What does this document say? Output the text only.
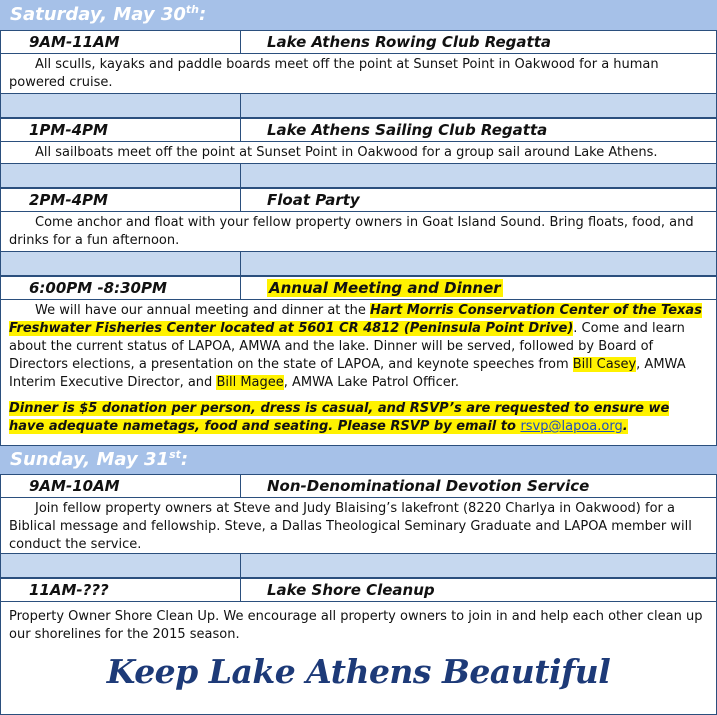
Saturday, May 30th:
9AM-11AM	Lake Athens Rowing Club Regatta
All sculls, kayaks and paddle boards meet off the point at Sunset Point in Oakwood for a human powered cruise.
1PM-4PM	Lake Athens Sailing Club Regatta
All sailboats meet off the point at Sunset Point in Oakwood for a group sail around Lake Athens.
2PM-4PM	Float Party
Come anchor and float with your fellow property owners in Goat Island Sound. Bring floats, food, and drinks for a fun afternoon.
6:00PM -8:30PM	Annual Meeting and Dinner
We will have our annual meeting and dinner at the Hart Morris Conservation Center of the Texas Freshwater Fisheries Center located at 5601 CR 4812 (Peninsula Point Drive). Come and learn about the current status of LAPOA, AMWA and the lake. Dinner will be served, followed by Board of Directors elections, a presentation on the state of LAPOA, and keynote speeches from Bill Casey, AMWA Interim Executive Director, and Bill Magee, AMWA Lake Patrol Officer.
Dinner is $5 donation per person, dress is casual, and RSVP’s are requested to ensure we have adequate nametags, food and seating. Please RSVP by email to rsvp@lapoa.org.
Sunday, May 31st:
9AM-10AM	Non-Denominational Devotion Service
Join fellow property owners at Steve and Judy Blaising’s lakefront (8220 Charlya in Oakwood) for a Biblical message and fellowship. Steve, a Dallas Theological Seminary Graduate and LAPOA member will conduct the service.
11AM-???	Lake Shore Cleanup
Property Owner Shore Clean Up. We encourage all property owners to join in and help each other clean up our shorelines for the 2015 season.
Keep Lake Athens Beautiful
